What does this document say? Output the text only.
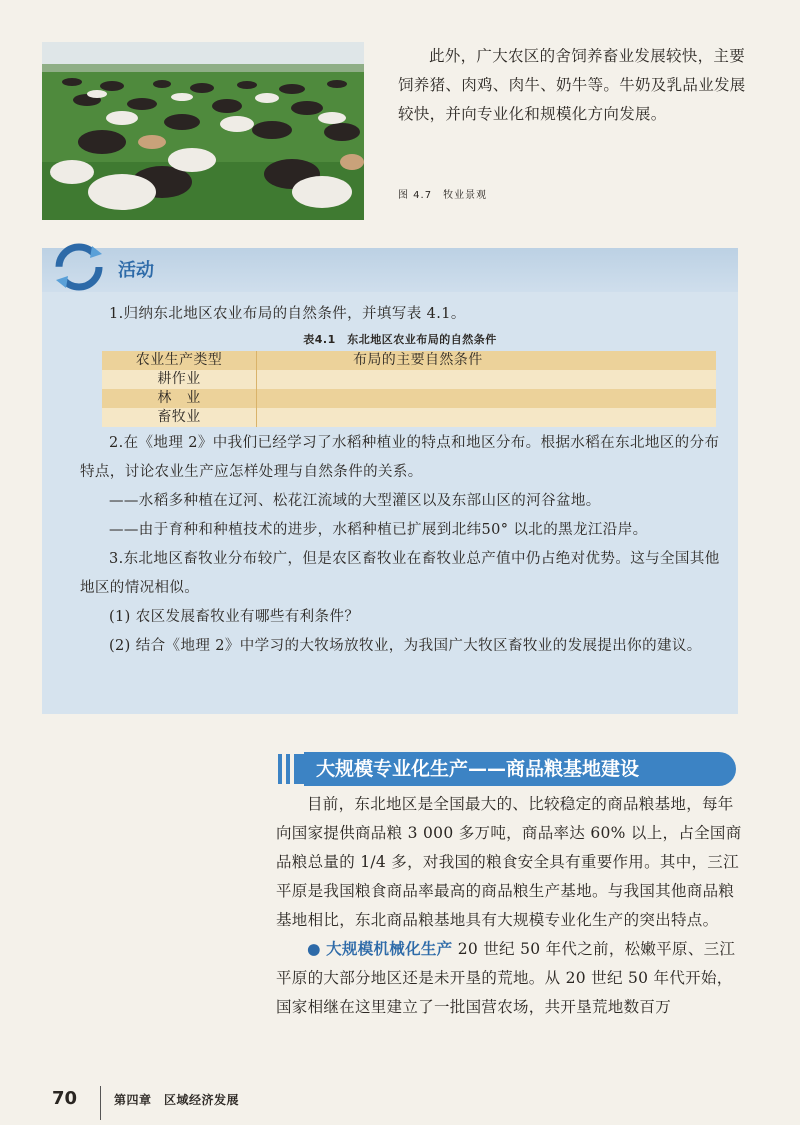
此外，广大农区的舍饲养畜业发展较快，主要饲养猪、肉鸡、肉牛、奶牛等。牛奶及乳品业发展较快，并向专业化和规模化方向发展。

图 4.7　牧业景观
活动

1.归纳东北地区农业布局的自然条件，并填写表 4.1。

表4.1　东北地区农业布局的自然条件
农业生产类型	布局的主要自然条件
耕作业	
林　业	
畜牧业	

2.在《地理 2》中我们已经学习了水稻种植业的特点和地区分布。根据水稻在东北地区的分布特点，讨论农业生产应怎样处理与自然条件的关系。

——水稻多种植在辽河、松花江流域的大型灌区以及东部山区的河谷盆地。

——由于育种和种植技术的进步，水稻种植已扩展到北纬50° 以北的黑龙江沿岸。

3.东北地区畜牧业分布较广，但是农区畜牧业在畜牧业总产值中仍占绝对优势。这与全国其他地区的情况相似。

(1) 农区发展畜牧业有哪些有利条件？

(2) 结合《地理 2》中学习的大牧场放牧业，为我国广大牧区畜牧业的发展提出你的建议。

大规模专业化生产——商品粮基地建设

目前，东北地区是全国最大的、比较稳定的商品粮基地，每年向国家提供商品粮 3 000 多万吨，商品率达 60% 以上，占全国商品粮总量的 1/4 多，对我国的粮食安全具有重要作用。其中，三江平原是我国粮食商品率最高的商品粮生产基地。与我国其他商品粮基地相比，东北商品粮基地具有大规模专业化生产的突出特点。

● 大规模机械化生产 20 世纪 50 年代之前，松嫩平原、三江平原的大部分地区还是未开垦的荒地。从 20 世纪 50 年代开始，国家相继在这里建立了一批国营农场，共开垦荒地数百万

70	第四章　区域经济发展
